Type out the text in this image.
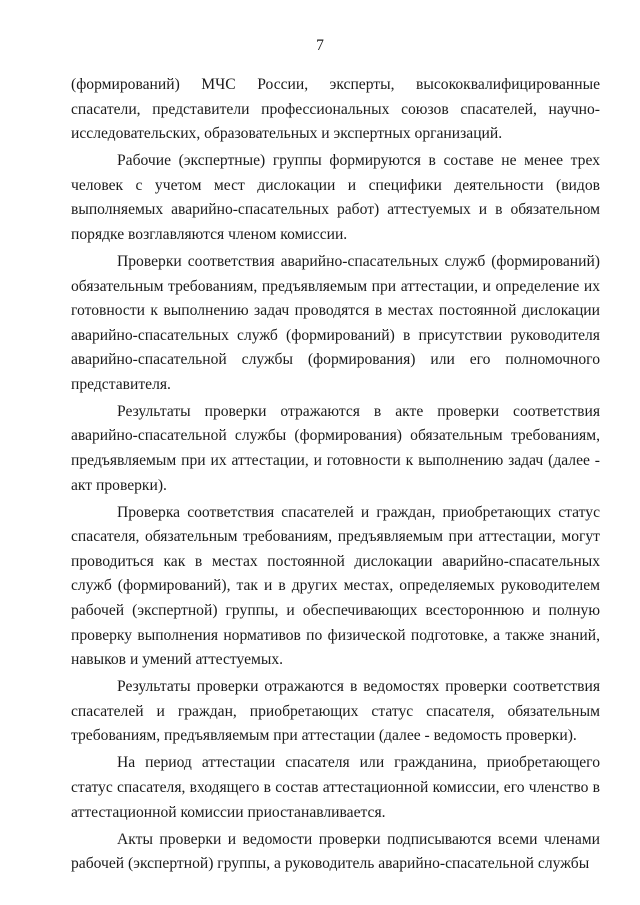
7

(формирований) МЧС России, эксперты, высококвалифицированные спасатели, представители профессиональных союзов спасателей, научно-исследовательских, образовательных и экспертных организаций.

Рабочие (экспертные) группы формируются в составе не менее трех человек с учетом мест дислокации и специфики деятельности (видов выполняемых аварийно-спасательных работ) аттестуемых и в обязательном порядке возглавляются членом комиссии.

Проверки соответствия аварийно-спасательных служб (формирований) обязательным требованиям, предъявляемым при аттестации, и определение их готовности к выполнению задач проводятся в местах постоянной дислокации аварийно-спасательных служб (формирований) в присутствии руководителя аварийно-спасательной службы (формирования) или его полномочного представителя.

Результаты проверки отражаются в акте проверки соответствия аварийно-спасательной службы (формирования) обязательным требованиям, предъявляемым при их аттестации, и готовности к выполнению задач (далее - акт проверки).

Проверка соответствия спасателей и граждан, приобретающих статус спасателя, обязательным требованиям, предъявляемым при аттестации, могут проводиться как в местах постоянной дислокации аварийно-спасательных служб (формирований), так и в других местах, определяемых руководителем рабочей (экспертной) группы, и обеспечивающих всестороннюю и полную проверку выполнения нормативов по физической подготовке, а также знаний, навыков и умений аттестуемых.

Результаты проверки отражаются в ведомостях проверки соответствия спасателей и граждан, приобретающих статус спасателя, обязательным требованиям, предъявляемым при аттестации (далее - ведомость проверки).

На период аттестации спасателя или гражданина, приобретающего статус спасателя, входящего в состав аттестационной комиссии, его членство в аттестационной комиссии приостанавливается.

Акты проверки и ведомости проверки подписываются всеми членами рабочей (экспертной) группы, а руководитель аварийно-спасательной службы
